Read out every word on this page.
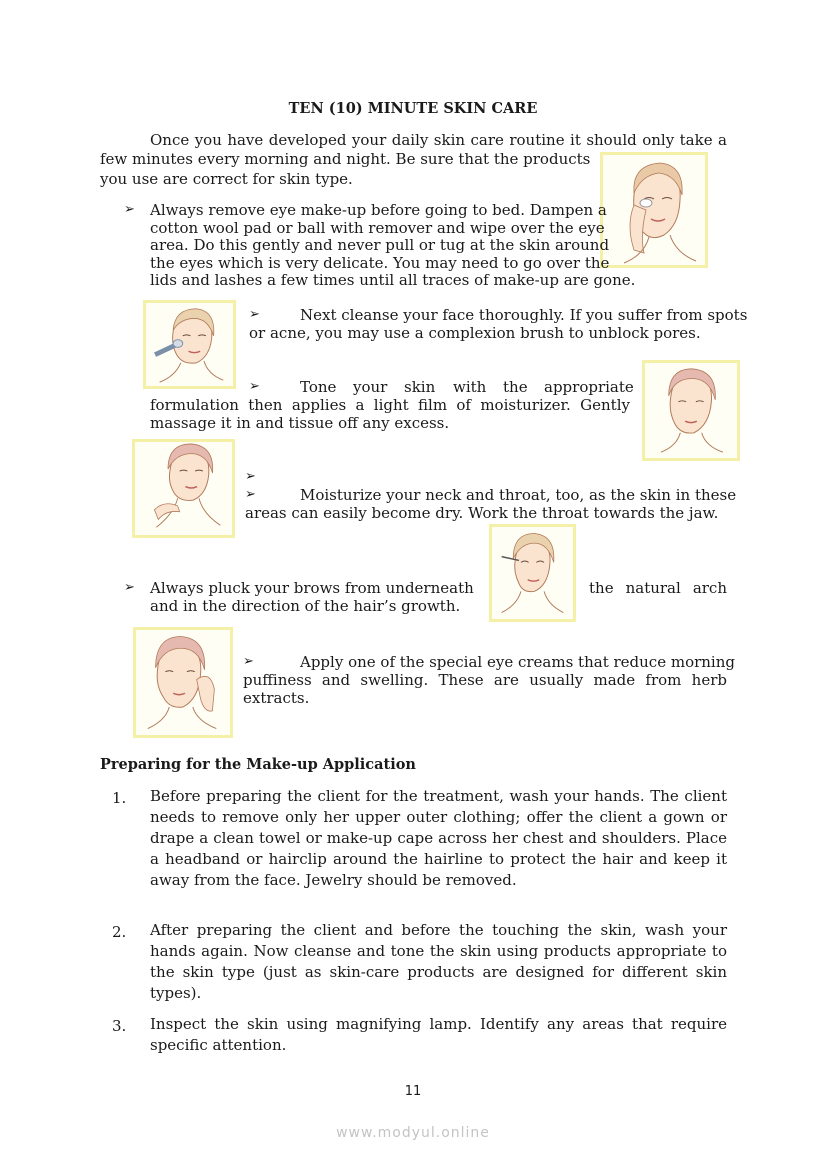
TEN (10) MINUTE SKIN CARE
Once you have developed your daily skin care routine it should only take a
few minutes every morning and night. Be sure that the products
you use are correct for skin type.
➢ Always remove eye make-up before going to bed. Dampen a
cotton wool pad or ball with remover and wipe over the eye
area. Do this gently and never pull or tug at the skin around
the eyes which is very delicate. You may need to go over the
lids and lashes a few times until all traces of make-up are gone.
➢	Next cleanse your face thoroughly. If you suffer from spots
or acne, you may use a complexion brush to unblock pores.
➢	Tone your skin with the appropriate
formulation then applies a light film of moisturizer. Gently
massage it in and tissue off any excess.
➢
➢	Moisturize your neck and throat, too, as the skin in these
areas can easily become dry. Work the throat towards the jaw.
➢ Always pluck your brows from underneath	the natural arch
and in the direction of the hair’s growth.
➢	Apply one of the special eye creams that reduce morning
puffiness and swelling. These are usually made from herb
extracts.
Preparing for the Make-up Application
1. Before preparing the client for the treatment, wash your hands. The client needs to remove only her upper outer clothing; offer the client a gown or drape a clean towel or make-up cape across her chest and shoulders. Place a headband or hairclip around the hairline to protect the hair and keep it away from the face. Jewelry should be removed.
2. After preparing the client and before the touching the skin, wash your hands again. Now cleanse and tone the skin using products appropriate to the skin type (just as skin-care products are designed for different skin types).
3. Inspect the skin using magnifying lamp. Identify any areas that require specific attention.
11
www.modyul.online
